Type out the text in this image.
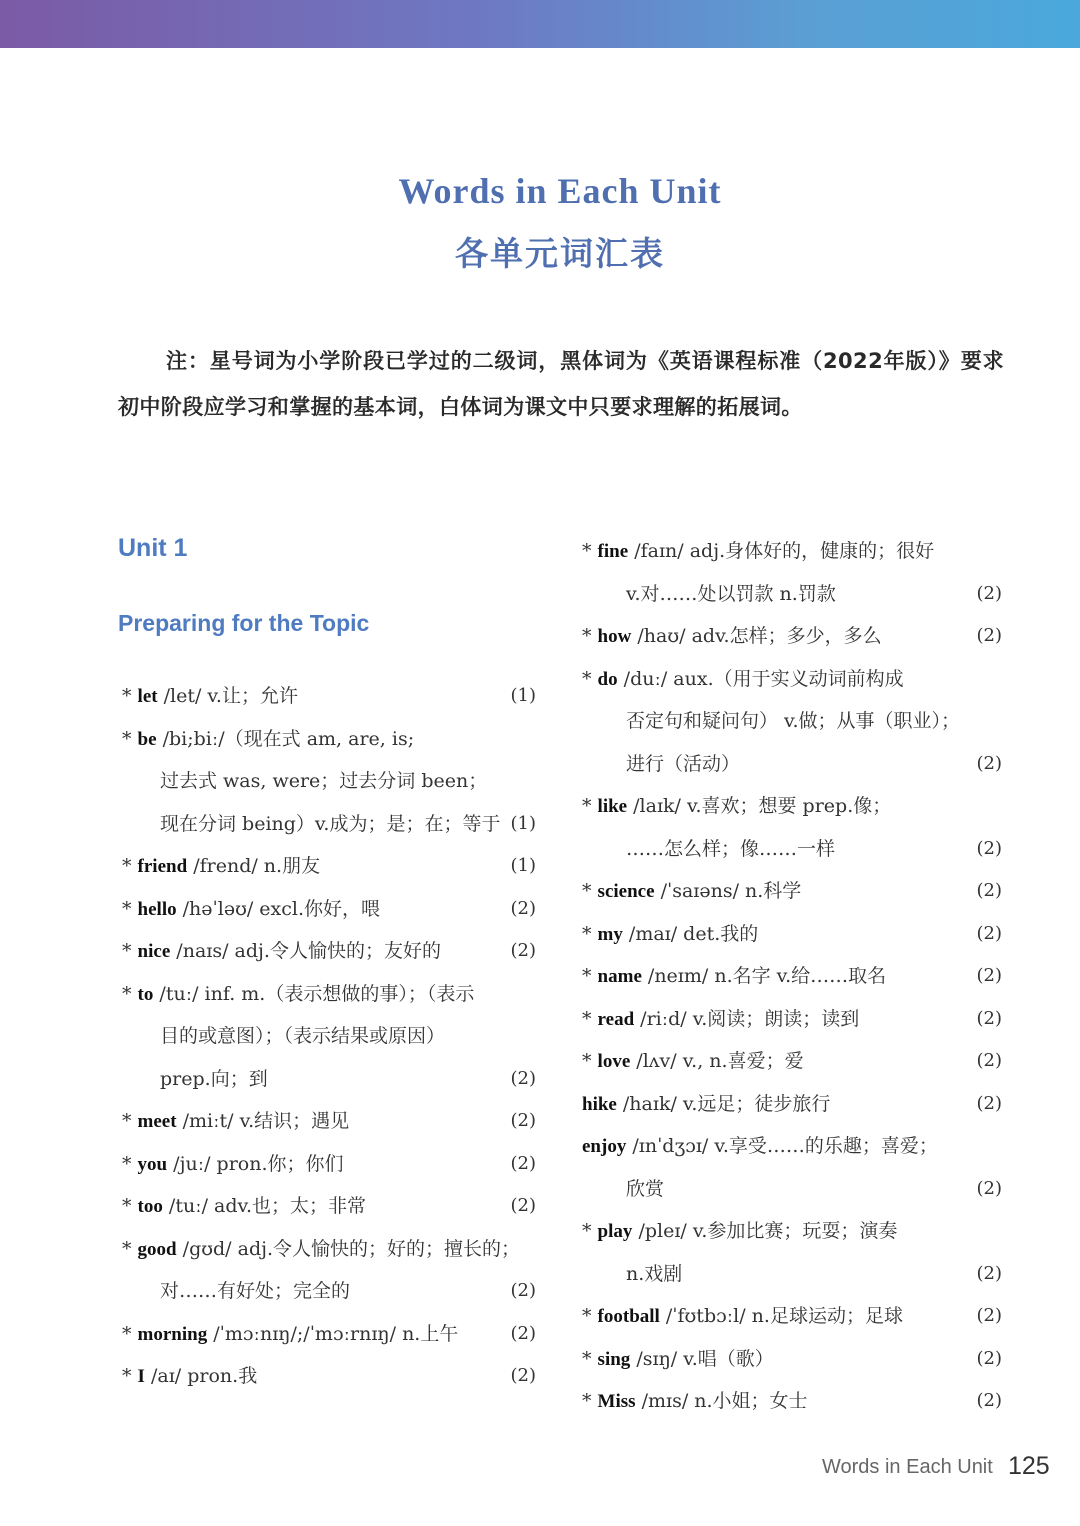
Words in Each Unit
各单元词汇表
注：星号词为小学阶段已学过的二级词，黑体词为《英语课程标准（2022年版）》要求初中阶段应学习和掌握的基本词，白体词为课文中只要求理解的拓展词。
Unit 1
Preparing for the Topic
* let /let/ v.让；允许	(1)
* be /bi;biː/（现在式 am, are, is;
过去式 was, were；过去分词 been；
现在分词 being）v.成为；是；在；等于 (1)
* friend /frend/ n.朋友	(1)
* hello /həˈləʊ/ excl.你好，喂	(2)
* nice /naɪs/ adj.令人愉快的；友好的	(2)
* to /tuː/ inf. m.（表示想做的事）；（表示
目的或意图）；（表示结果或原因）
prep.向；到	(2)
* meet /miːt/ v.结识；遇见	(2)
* you /juː/ pron.你；你们	(2)
* too /tuː/ adv.也；太；非常	(2)
* good /gʊd/ adj.令人愉快的；好的；擅长的；
对……有好处；完全的	(2)
* morning /ˈmɔːnɪŋ/;/ˈmɔːrnɪŋ/ n.上午	(2)
* I /aɪ/ pron.我	(2)
* fine /faɪn/ adj.身体好的，健康的；很好
v.对……处以罚款 n.罚款	(2)
* how /haʊ/ adv.怎样；多少，多么	(2)
* do /duː/ aux.（用于实义动词前构成
否定句和疑问句） v.做；从事（职业）；
进行（活动）	(2)
* like /laɪk/ v.喜欢；想要 prep.像；
……怎么样；像……一样	(2)
* science /ˈsaɪəns/ n.科学	(2)
* my /maɪ/ det.我的	(2)
* name /neɪm/ n.名字 v.给……取名	(2)
* read /riːd/ v.阅读；朗读；读到	(2)
* love /lʌv/ v., n.喜爱；爱	(2)
hike /haɪk/ v.远足；徒步旅行	(2)
enjoy /ɪnˈdʒɔɪ/ v.享受……的乐趣；喜爱；
欣赏	(2)
* play /pleɪ/ v.参加比赛；玩耍；演奏
n.戏剧	(2)
* football /ˈfʊtbɔːl/ n.足球运动；足球	(2)
* sing /sɪŋ/ v.唱（歌）	(2)
* Miss /mɪs/ n.小姐；女士	(2)
Words in Each Unit 125
